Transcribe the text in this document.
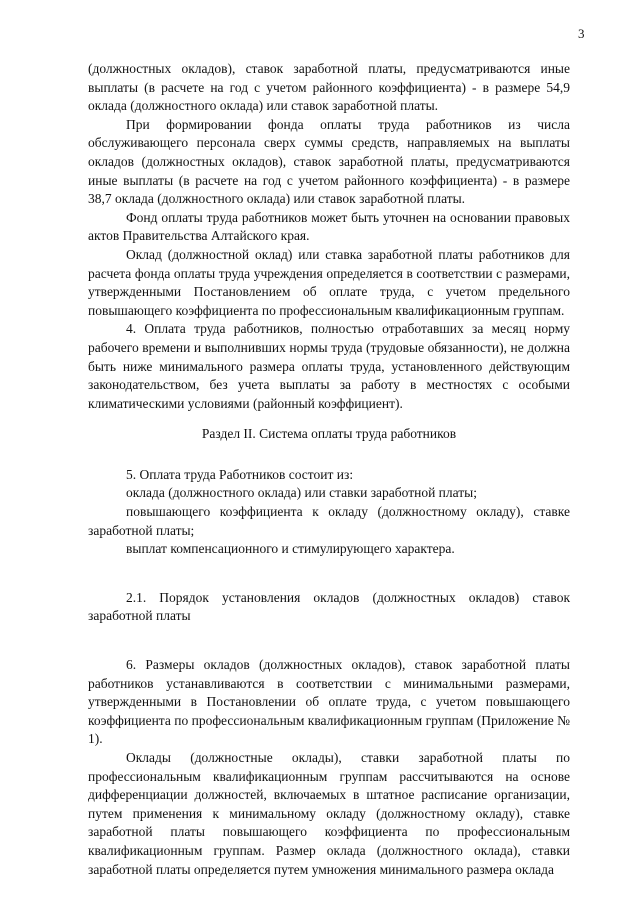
3

(должностных окладов), ставок заработной платы, предусматриваются иные выплаты (в расчете на год с учетом районного коэффициента) - в размере 54,9 оклада (должностного оклада) или ставок заработной платы.

При формировании фонда оплаты труда работников из числа обслуживающего персонала сверх суммы средств, направляемых на выплаты окладов (должностных окладов), ставок заработной платы, предусматриваются иные выплаты (в расчете на год с учетом районного коэффициента) - в размере 38,7 оклада (должностного оклада) или ставок заработной платы.

Фонд оплаты труда работников может быть уточнен на основании правовых актов Правительства Алтайского края.

Оклад (должностной оклад) или ставка заработной платы работников для расчета фонда оплаты труда учреждения определяется в соответствии с размерами, утвержденными Постановлением об оплате труда, с учетом предельного повышающего коэффициента по профессиональным квалификационным группам.

4. Оплата труда работников, полностью отработавших за месяц норму рабочего времени и выполнивших нормы труда (трудовые обязанности), не должна быть ниже минимального размера оплаты труда, установленного действующим законодательством, без учета выплаты за работу в местностях с особыми климатическими условиями (районный коэффициент).

Раздел II. Система оплаты труда работников

5. Оплата труда Работников состоит из:

оклада (должностного оклада) или ставки заработной платы;

повышающего коэффициента к окладу (должностному окладу), ставке заработной платы;

выплат компенсационного и стимулирующего характера.

2.1. Порядок установления окладов (должностных окладов) ставок заработной платы

6. Размеры окладов (должностных окладов), ставок заработной платы работников устанавливаются в соответствии с минимальными размерами, утвержденными в Постановлении об оплате труда, с учетом повышающего коэффициента по профессиональным квалификационным группам (Приложение № 1).

Оклады (должностные оклады), ставки заработной платы по профессиональным квалификационным группам рассчитываются на основе дифференциации должностей, включаемых в штатное расписание организации, путем применения к минимальному окладу (должностному окладу), ставке заработной платы повышающего коэффициента по профессиональным квалификационным группам. Размер оклада (должностного оклада), ставки заработной платы определяется путем умножения минимального размера оклада
